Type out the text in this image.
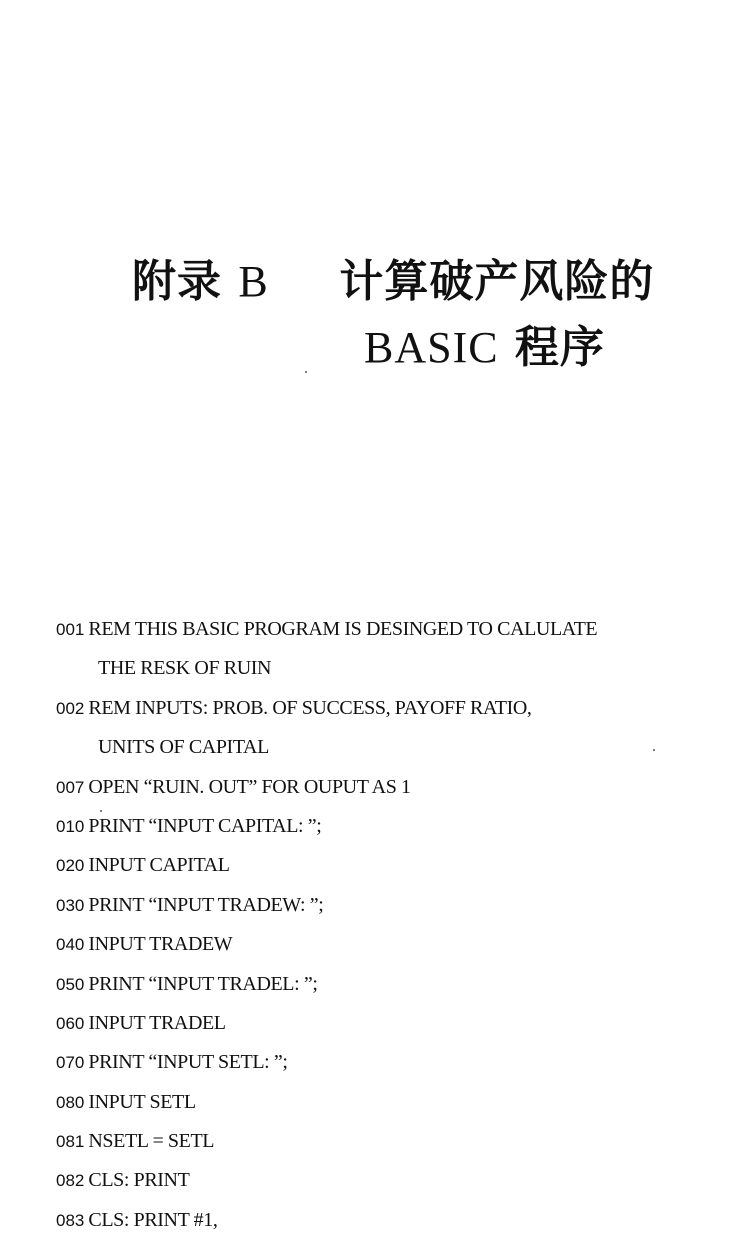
附录 B 计算破产风险的
BASIC 程序
001 REM THIS BASIC PROGRAM IS DESINGED TO CALULATE
THE RESK OF RUIN
002 REM INPUTS: PROB. OF SUCCESS, PAYOFF RATIO,
UNITS OF CAPITAL
007 OPEN “RUIN. OUT” FOR OUPUT AS 1
010 PRINT “INPUT CAPITAL: ”;
020 INPUT CAPITAL
030 PRINT “INPUT TRADEW: ”;
040 INPUT TRADEW
050 PRINT “INPUT TRADEL: ”;
060 INPUT TRADEL
070 PRINT “INPUT SETL: ”;
080 INPUT SETL
081 NSETL = SETL
082 CLS: PRINT
083 CLS: PRINT #1,
